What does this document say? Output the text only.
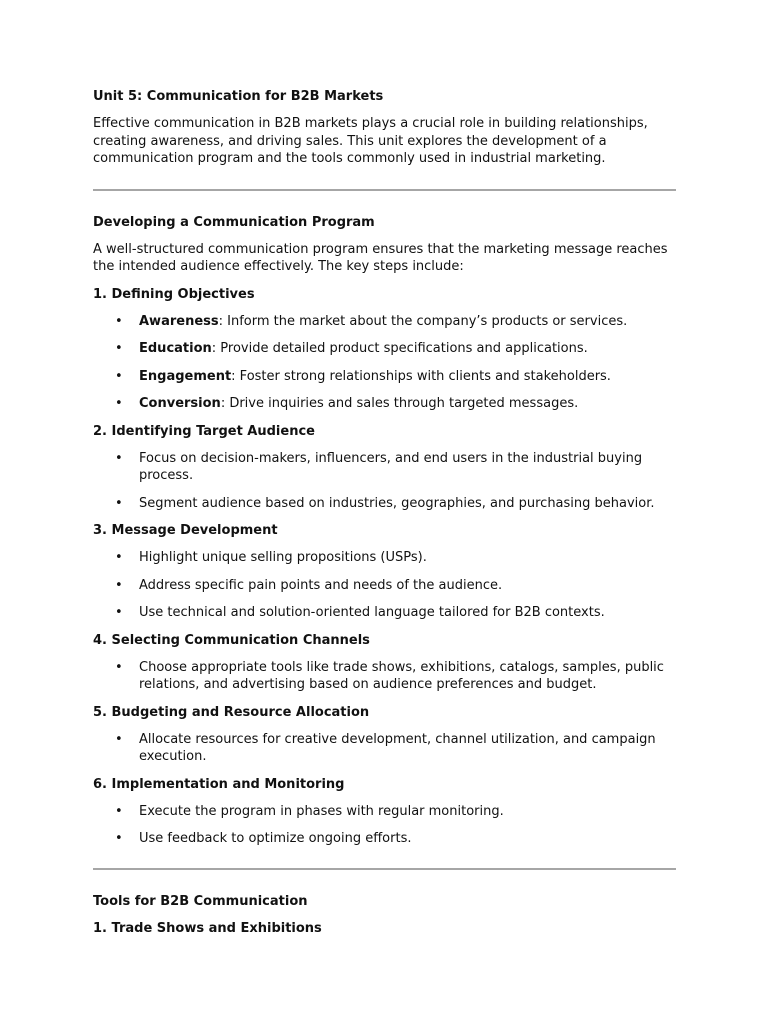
Unit 5: Communication for B2B Markets

Effective communication in B2B markets plays a crucial role in building relationships, creating awareness, and driving sales. This unit explores the development of a communication program and the tools commonly used in industrial marketing.

Developing a Communication Program

A well-structured communication program ensures that the marketing message reaches the intended audience effectively. The key steps include:

1. Defining Objectives
• Awareness: Inform the market about the company’s products or services.
• Education: Provide detailed product specifications and applications.
• Engagement: Foster strong relationships with clients and stakeholders.
• Conversion: Drive inquiries and sales through targeted messages.
2. Identifying Target Audience
• Focus on decision-makers, influencers, and end users in the industrial buying process.
• Segment audience based on industries, geographies, and purchasing behavior.
3. Message Development
• Highlight unique selling propositions (USPs).
• Address specific pain points and needs of the audience.
• Use technical and solution-oriented language tailored for B2B contexts.
4. Selecting Communication Channels
• Choose appropriate tools like trade shows, exhibitions, catalogs, samples, public relations, and advertising based on audience preferences and budget.
5. Budgeting and Resource Allocation
• Allocate resources for creative development, channel utilization, and campaign execution.
6. Implementation and Monitoring
• Execute the program in phases with regular monitoring.
• Use feedback to optimize ongoing efforts.
Tools for B2B Communication
1. Trade Shows and Exhibitions
